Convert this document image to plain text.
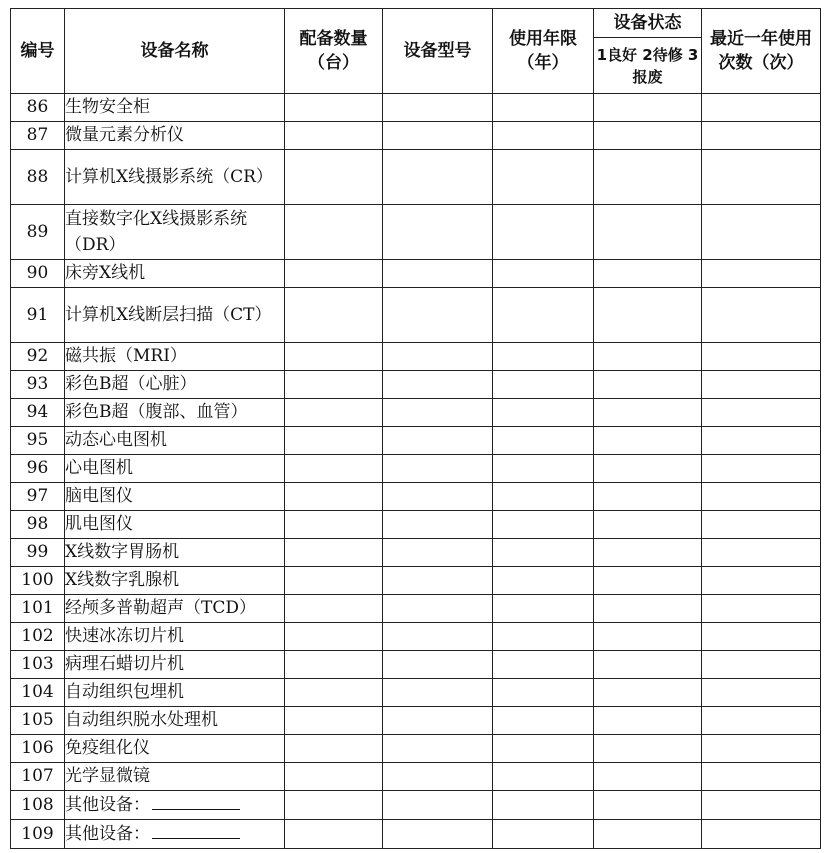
编号	设备名称	配备数量（台）	设备型号	使用年限（年）	设备状态	最近一年使用次数（次）
					1良好 2待修 3报废	
86	生物安全柜					
87	微量元素分析仪					
88	计算机X线摄影系统（CR）					
89	直接数字化X线摄影系统（DR）					
90	床旁X线机					
91	计算机X线断层扫描（CT）					
92	磁共振（MRI）					
93	彩色B超（心脏）					
94	彩色B超（腹部、血管）					
95	动态心电图机					
96	心电图机					
97	脑电图仪					
98	肌电图仪					
99	X线数字胃肠机					
100	X线数字乳腺机					
101	经颅多普勒超声（TCD）					
102	快速冰冻切片机					
103	病理石蜡切片机					
104	自动组织包埋机					
105	自动组织脱水处理机					
106	免疫组化仪					
107	光学显微镜					
108	其他设备：					
109	其他设备：					
